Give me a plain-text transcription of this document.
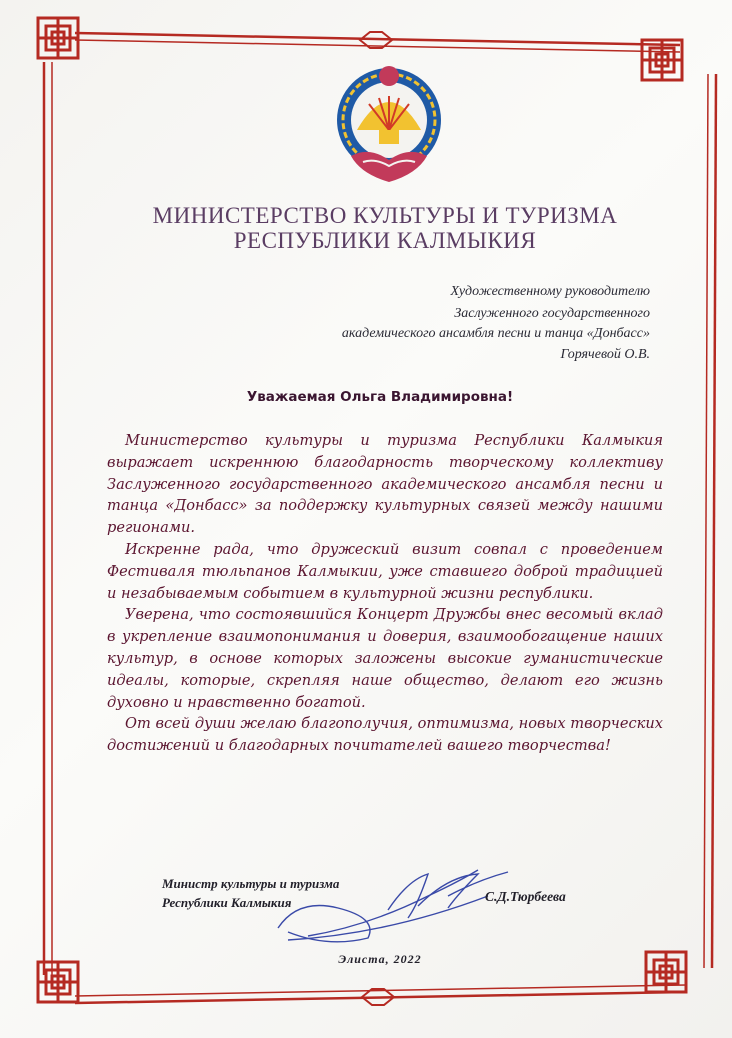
МИНИСТЕРСТВО КУЛЬТУРЫ И ТУРИЗМА
РЕСПУБЛИКИ КАЛМЫКИЯ
Художественному руководителю
Заслуженного государственного
академического ансамбля песни и танца «Донбасс»
Горячевой О.В.
Уважаемая Ольга Владимировна!

Министерство культуры и туризма Республики Калмыкия выражает искреннюю благодарность творческому коллективу Заслуженного государственного академического ансамбля песни и танца «Донбасс» за поддержку культурных связей между нашими регионами.

Искренне рада, что дружеский визит совпал с проведением Фестиваля тюльпанов Калмыкии, уже ставшего доброй традицией и незабываемым событием в культурной жизни республики.

Уверена, что состоявшийся Концерт Дружбы внес весомый вклад в укрепление взаимопонимания и доверия, взаимообогащение наших культур, в основе которых заложены высокие гуманистические идеалы, которые, скрепляя наше общество, делают его жизнь духовно и нравственно богатой.

От всей души желаю благополучия, оптимизма, новых творческих достижений и благодарных почитателей вашего творчества!

Министр культуры и туризма
Республики Калмыкия	С.Д.Тюрбеева
Элиста, 2022
